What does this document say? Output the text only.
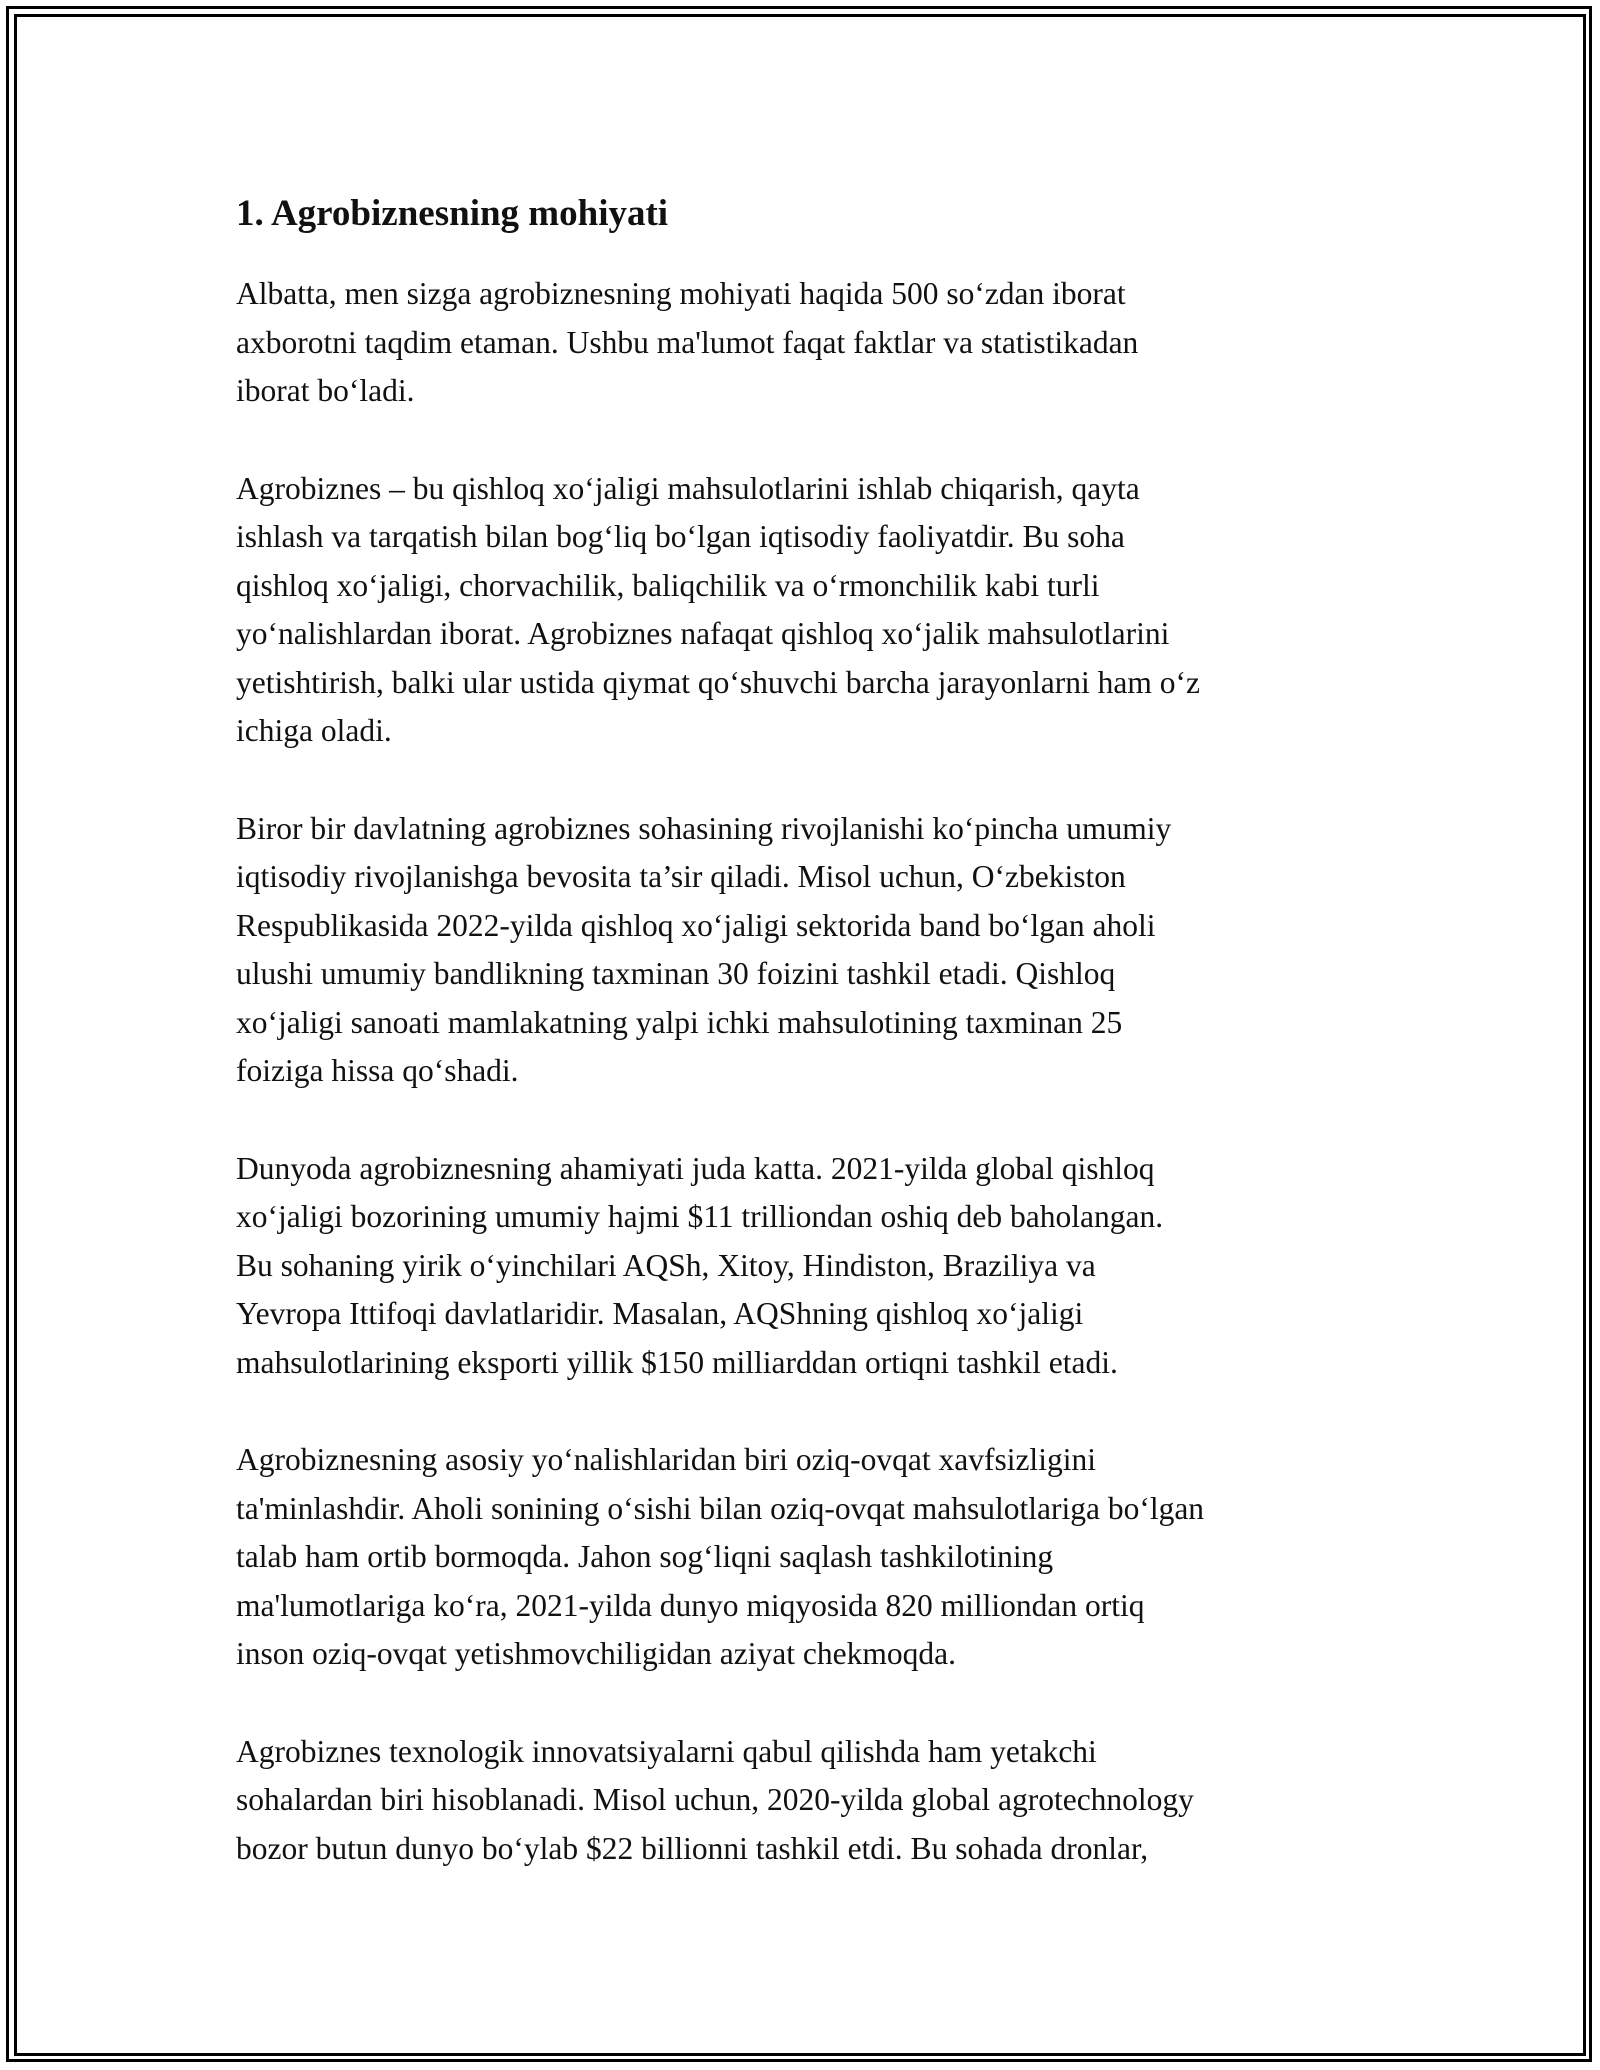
1. Agrobiznesning mohiyati

Albatta, men sizga agrobiznesning mohiyati haqida 500 so‘zdan iborat
axborotni taqdim etaman. Ushbu ma'lumot faqat faktlar va statistikadan
iborat bo‘ladi.

Agrobiznes – bu qishloq xo‘jaligi mahsulotlarini ishlab chiqarish, qayta
ishlash va tarqatish bilan bog‘liq bo‘lgan iqtisodiy faoliyatdir. Bu soha
qishloq xo‘jaligi, chorvachilik, baliqchilik va o‘rmonchilik kabi turli
yo‘nalishlardan iborat. Agrobiznes nafaqat qishloq xo‘jalik mahsulotlarini
yetishtirish, balki ular ustida qiymat qo‘shuvchi barcha jarayonlarni ham o‘z
ichiga oladi.

Biror bir davlatning agrobiznes sohasining rivojlanishi ko‘pincha umumiy
iqtisodiy rivojlanishga bevosita ta’sir qiladi. Misol uchun, O‘zbekiston
Respublikasida 2022-yilda qishloq xo‘jaligi sektorida band bo‘lgan aholi
ulushi umumiy bandlikning taxminan 30 foizini tashkil etadi. Qishloq
xo‘jaligi sanoati mamlakatning yalpi ichki mahsulotining taxminan 25
foiziga hissa qo‘shadi.

Dunyoda agrobiznesning ahamiyati juda katta. 2021-yilda global qishloq
xo‘jaligi bozorining umumiy hajmi $11 trilliondan oshiq deb baholangan.
Bu sohaning yirik o‘yinchilari AQSh, Xitoy, Hindiston, Braziliya va
Yevropa Ittifoqi davlatlaridir. Masalan, AQShning qishloq xo‘jaligi
mahsulotlarining eksporti yillik $150 milliarddan ortiqni tashkil etadi.

Agrobiznesning asosiy yo‘nalishlaridan biri oziq-ovqat xavfsizligini
ta'minlashdir. Aholi sonining o‘sishi bilan oziq-ovqat mahsulotlariga bo‘lgan
talab ham ortib bormoqda. Jahon sog‘liqni saqlash tashkilotining
ma'lumotlariga ko‘ra, 2021-yilda dunyo miqyosida 820 milliondan ortiq
inson oziq-ovqat yetishmovchiligidan aziyat chekmoqda.

Agrobiznes texnologik innovatsiyalarni qabul qilishda ham yetakchi
sohalardan biri hisoblanadi. Misol uchun, 2020-yilda global agrotechnology
bozor butun dunyo bo‘ylab $22 billionni tashkil etdi. Bu sohada dronlar,
